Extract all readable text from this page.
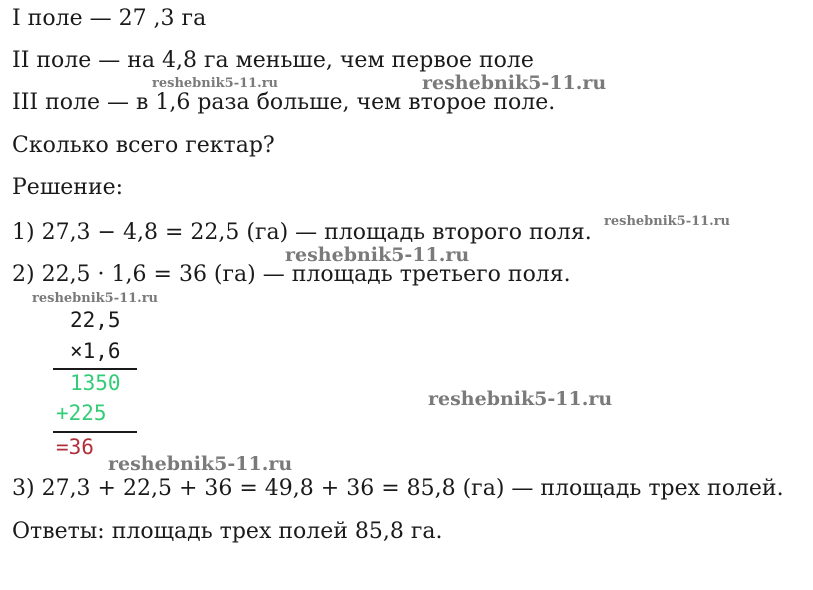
I поле — 27 ,3 га
II поле — на 4,8 га меньше, чем первое поле
III поле — в 1,6 раза больше, чем второе поле.
Сколько всего гектар?
Решение:
1) 27,3 − 4,8 = 22,5 (га) — площадь второго поля.
2) 22,5 · 1,6 = 36 (га) — площадь третьего поля.
22,5
×1,6
1350
+225
=36
3) 27,3 + 22,5 + 36 = 49,8 + 36 = 85,8 (га) — площадь трех полей.
Ответы: площадь трех полей 85,8 га.
reshebnik5-11.ru	reshebnik5-11.ru
reshebnik5-11.ru
reshebnik5-11.ru
reshebnik5-11.ru
reshebnik5-11.ru
reshebnik5-11.ru
